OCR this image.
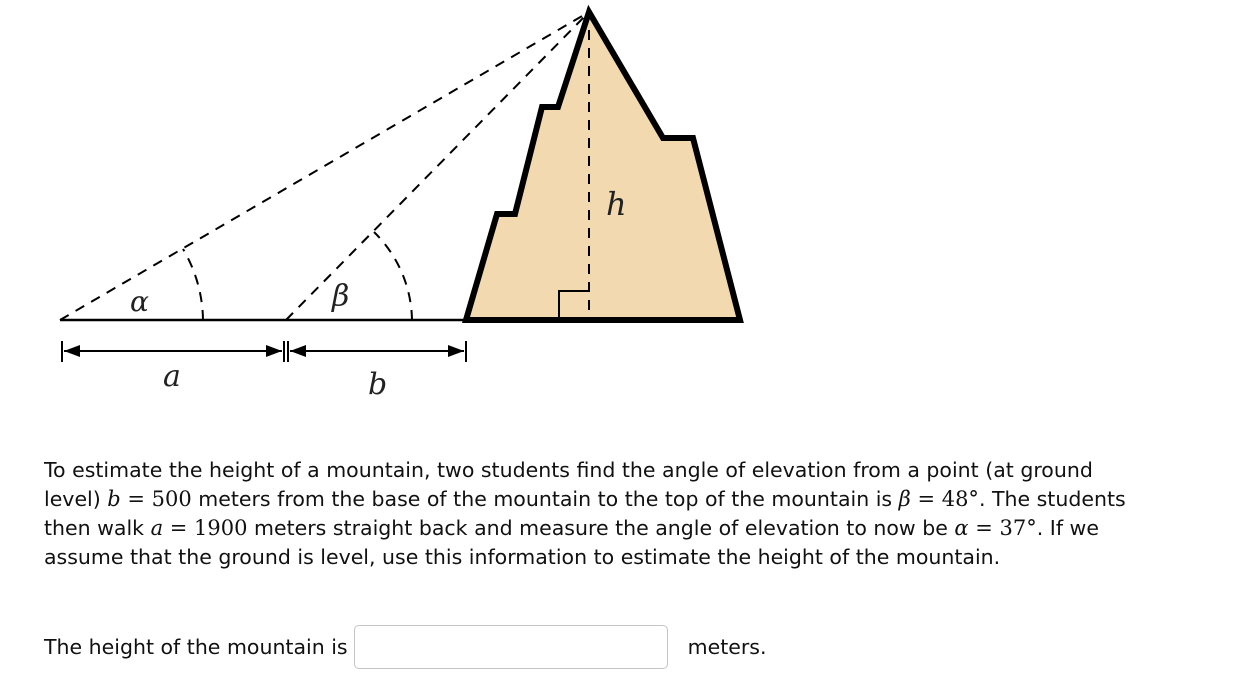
α	β
h
a	b

To estimate the height of a mountain, two students find the angle of elevation from a point (at ground level) b = 500 meters from the base of the mountain to the top of the mountain is β = 48°. The students then walk a = 1900 meters straight back and measure the angle of elevation to now be α = 37°. If we assume that the ground is level, use this information to estimate the height of the mountain.

The height of the mountain is	meters.
